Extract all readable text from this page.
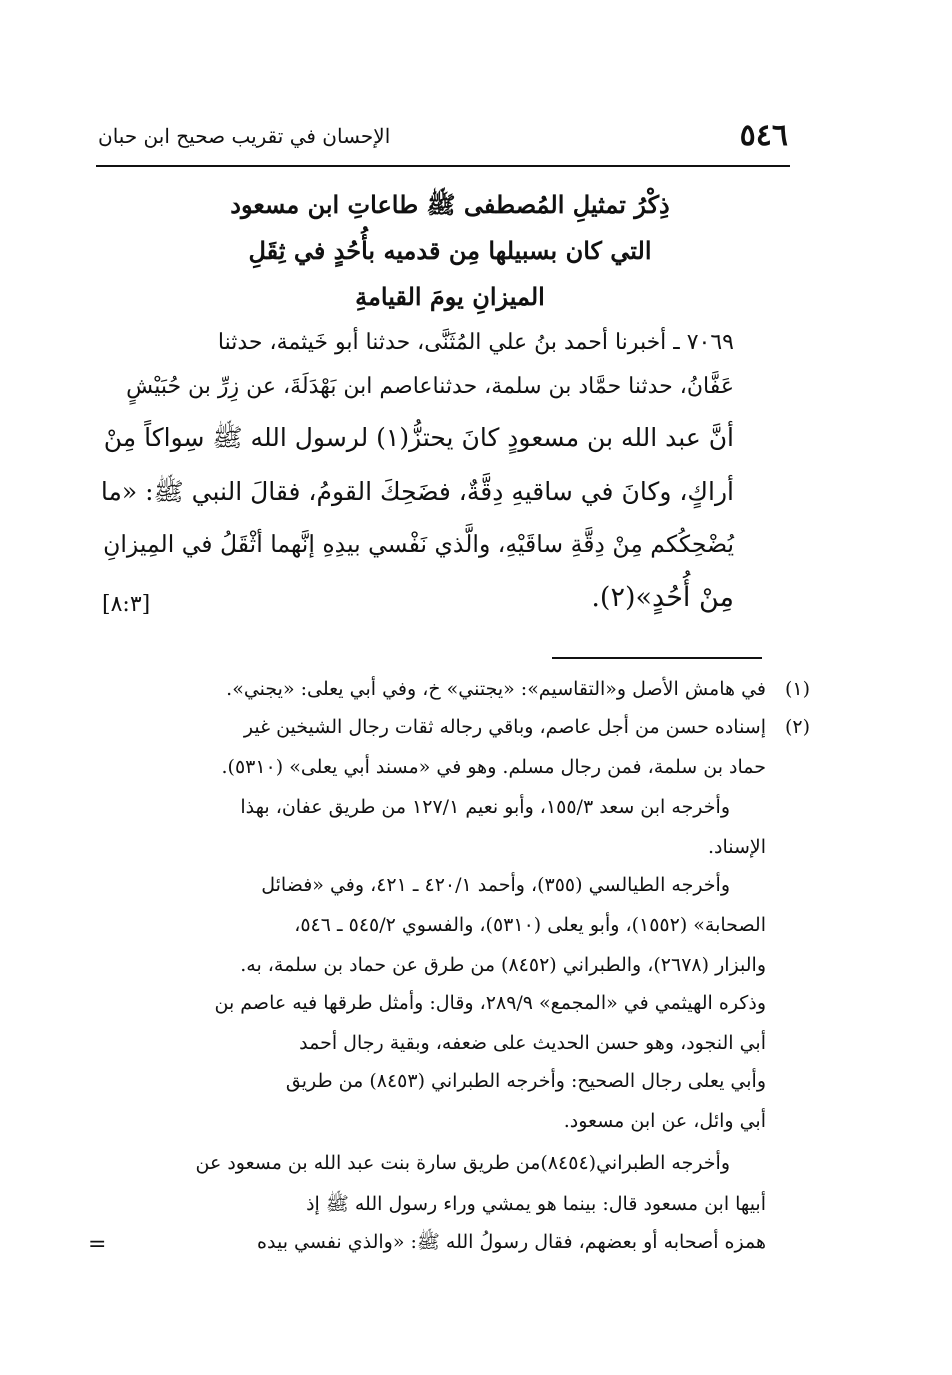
٥٤٦
الإحسان في تقريب صحيح ابن حبان
ذِكْرُ تمثيلِ المُصطفى ﷺ طاعاتِ ابن مسعود
التي كان بسبيلها مِن قدميه بأُحُدٍ في ثِقَلِ
الميزانِ يومَ القيامةِ
٧٠٦٩ ـ أخبرنا أحمد بنُ علي المُثَنَّى، حدثنا أبو خَيثمة، حدثنا
عَفَّانُ، حدثنا حمَّاد بن سلمة، حدثناعاصم ابن بَهْدَلَةَ، عن زِرِّ بن حُبَيْشٍ
أنَّ عبد الله بن مسعودٍ كانَ يحتزُّ(١) لرسول الله ﷺ سِواكاً مِنْ
أراكٍ، وكانَ في ساقيهِ دِقَّةٌ، فضَحِكَ القومُ، فقالَ النبي ﷺ: «ما
يُضْحِكُكم مِنْ دِقَّةِ ساقَيْهِ، والَّذي نَفْسي بيدِهِ إنَّهما أثْقَلُ في المِيزانِ
مِنْ أُحُدٍ»(٢).
[٨:٣]
(١)
(٢)
في هامش الأصل و«التقاسيم»: «يجتني» خ، وفي أبي يعلى: «يجني».
إسناده حسن من أجل عاصم، وباقي رجاله ثقات رجال الشيخين غير
حماد بن سلمة، فمن رجال مسلم. وهو في «مسند أبي يعلى» (٥٣١٠).
وأخرجه ابن سعد ١٥٥/٣، وأبو نعيم ١٢٧/١ من طريق عفان، بهذا
الإسناد.
وأخرجه الطيالسي (٣٥٥)، وأحمد ٤٢٠/١ ـ ٤٢١، وفي «فضائل
الصحابة» (١٥٥٢)، وأبو يعلى (٥٣١٠)، والفسوي ٥٤٥/٢ ـ ٥٤٦،
والبزار (٢٦٧٨)، والطبراني (٨٤٥٢) من طرق عن حماد بن سلمة، به.
وذكره الهيثمي في «المجمع» ٢٨٩/٩، وقال: وأمثل طرقها فيه عاصم بن
أبي النجود، وهو حسن الحديث على ضعفه، وبقية رجال أحمد
وأبي يعلى رجال الصحيح: وأخرجه الطبراني (٨٤٥٣) من طريق
أبي وائل، عن ابن مسعود.
وأخرجه الطبراني(٨٤٥٤)من طريق سارة بنت عبد الله بن مسعود عن
أبيها ابن مسعود قال: بينما هو يمشي وراء رسول الله ﷺ إذ
همزه أصحابه أو بعضهم، فقال رسولُ الله ﷺ: «والذي نفسي بيده
=
